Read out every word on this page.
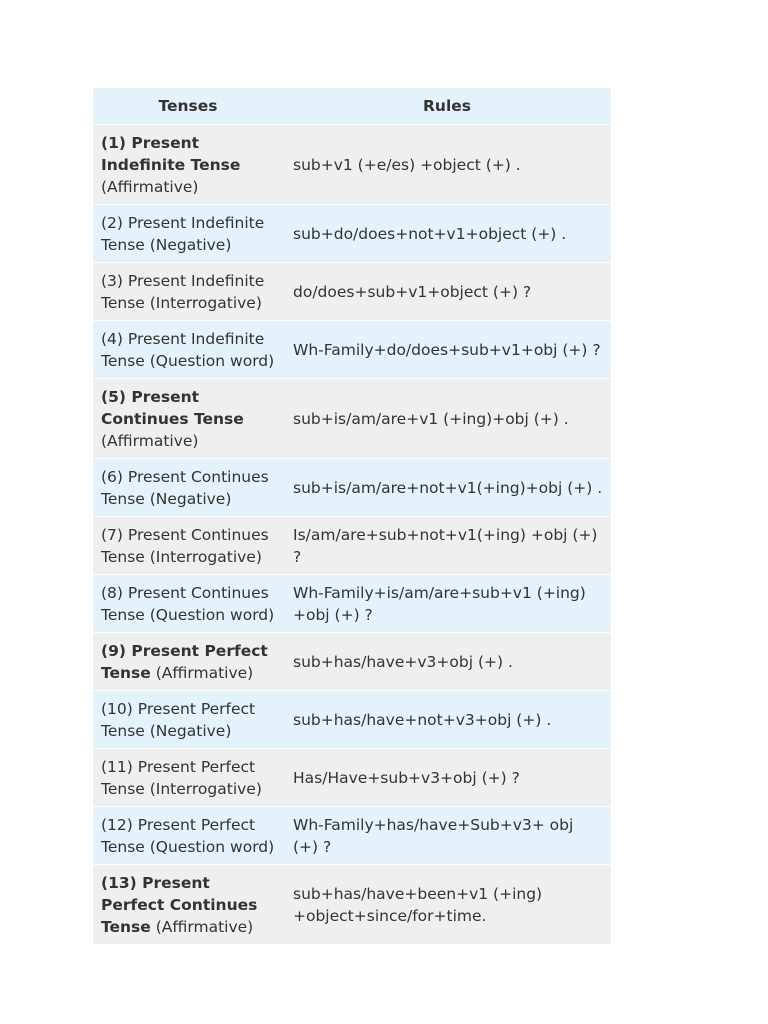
Tenses	Rules
(1) Present Indefinite Tense (Affirmative)	sub+v1 (+e/es) +object (+) .
(2) Present Indefinite Tense (Negative)	sub+do/does+not+v1+object (+) .
(3) Present Indefinite Tense (Interrogative)	do/does+sub+v1+object (+) ?
(4) Present Indefinite Tense (Question word)	Wh-Family+do/does+sub+v1+obj (+) ?
(5) Present Continues Tense (Affirmative)	sub+is/am/are+v1 (+ing)+obj (+) .
(6) Present Continues Tense (Negative)	sub+is/am/are+not+v1(+ing)+obj (+) .
(7) Present Continues Tense (Interrogative)	Is/am/are+sub+not+v1(+ing) +obj (+) ?
(8) Present Continues Tense (Question word)	Wh-Family+is/am/are+sub+v1 (+ing) +obj (+) ?
(9) Present Perfect Tense (Affirmative)	sub+has/have+v3+obj (+) .
(10) Present Perfect Tense (Negative)	sub+has/have+not+v3+obj (+) .
(11) Present Perfect Tense (Interrogative)	Has/Have+sub+v3+obj (+) ?
(12) Present Perfect Tense (Question word)	Wh-Family+has/have+Sub+v3+ obj (+) ?
(13) Present Perfect Continues Tense (Affirmative)	sub+has/have+been+v1 (+ing) +object+since/for+time.
